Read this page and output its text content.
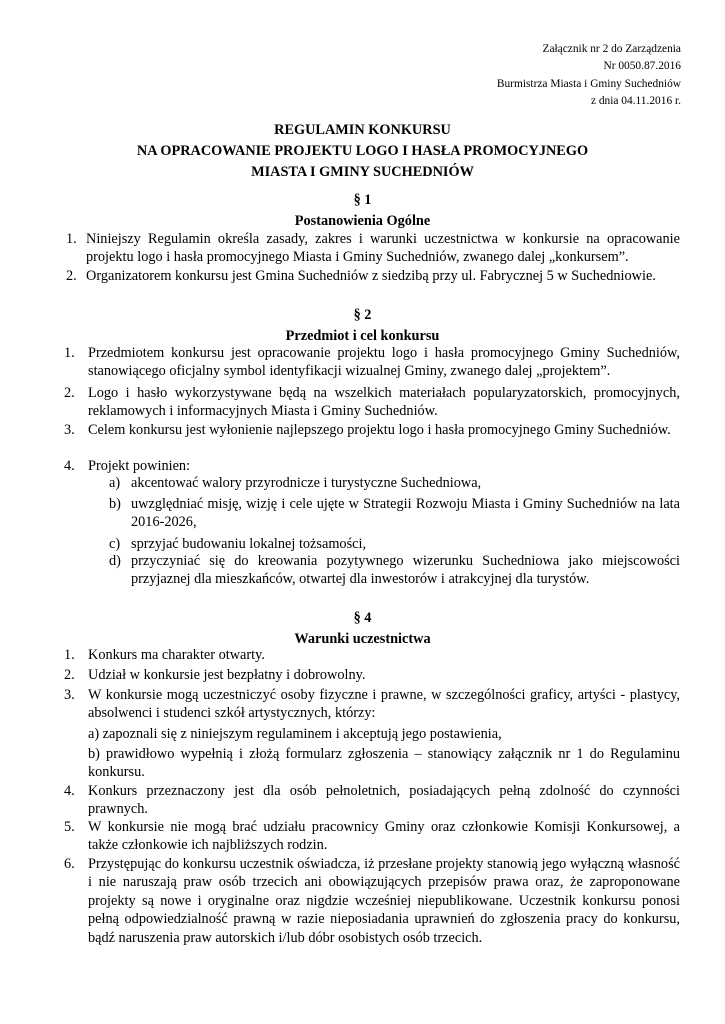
Załącznik nr 2 do Zarządzenia
Nr 0050.87.2016
Burmistrza Miasta i Gminy Suchedniów
z dnia 04.11.2016 r.
REGULAMIN KONKURSU
NA OPRACOWANIE PROJEKTU LOGO I HASŁA PROMOCYJNEGO
MIASTA I GMINY SUCHEDNIÓW
§ 1
Postanowienia Ogólne
1. Niniejszy Regulamin określa zasady, zakres i warunki uczestnictwa w konkursie na opracowanie projektu logo i hasła promocyjnego Miasta i Gminy Suchedniów, zwanego dalej „konkursem”.
2. Organizatorem konkursu jest Gmina Suchedniów z siedzibą przy ul. Fabrycznej 5 w Suchedniowie.
§ 2
Przedmiot i cel konkursu
1. Przedmiotem konkursu jest opracowanie projektu logo i hasła promocyjnego Gminy Suchedniów, stanowiącego oficjalny symbol identyfikacji wizualnej Gminy, zwanego dalej „projektem”.
2. Logo i hasło wykorzystywane będą na wszelkich materiałach popularyzatorskich, promocyjnych, reklamowych i informacyjnych Miasta i Gminy Suchedniów.
3. Celem konkursu jest wyłonienie najlepszego projektu logo i hasła promocyjnego Gminy Suchedniów.
4. Projekt powinien:
a) akcentować walory przyrodnicze i turystyczne Suchedniowa,
b) uwzględniać misję, wizję i cele ujęte w Strategii Rozwoju Miasta i Gminy Suchedniów na lata 2016-2026,
c) sprzyjać budowaniu lokalnej tożsamości,
d) przyczyniać się do kreowania pozytywnego wizerunku Suchedniowa jako miejscowości przyjaznej dla mieszkańców, otwartej dla inwestorów i atrakcyjnej dla turystów.
§ 4
Warunki uczestnictwa
1. Konkurs ma charakter otwarty.
2. Udział w konkursie jest bezpłatny i dobrowolny.
3. W konkursie mogą uczestniczyć osoby fizyczne i prawne, w szczególności graficy, artyści - plastycy, absolwenci i studenci szkół artystycznych, którzy:
a) zapoznali się z niniejszym regulaminem i akceptują jego postawienia,
b) prawidłowo wypełnią i złożą formularz zgłoszenia – stanowiący załącznik nr 1 do Regulaminu konkursu.
4. Konkurs przeznaczony jest dla osób pełnoletnich, posiadających pełną zdolność do czynności prawnych.
5. W konkursie nie mogą brać udziału pracownicy Gminy oraz członkowie Komisji Konkursowej, a także członkowie ich najbliższych rodzin.
6. Przystępując do konkursu uczestnik oświadcza, iż przesłane projekty stanowią jego wyłączną własność i nie naruszają praw osób trzecich ani obowiązujących przepisów prawa oraz, że zaproponowane projekty są nowe i oryginalne oraz nigdzie wcześniej niepublikowane. Uczestnik konkursu ponosi pełną odpowiedzialność prawną w razie nieposiadania uprawnień do zgłoszenia pracy do konkursu, bądź naruszenia praw autorskich i/lub dóbr osobistych osób trzecich.
